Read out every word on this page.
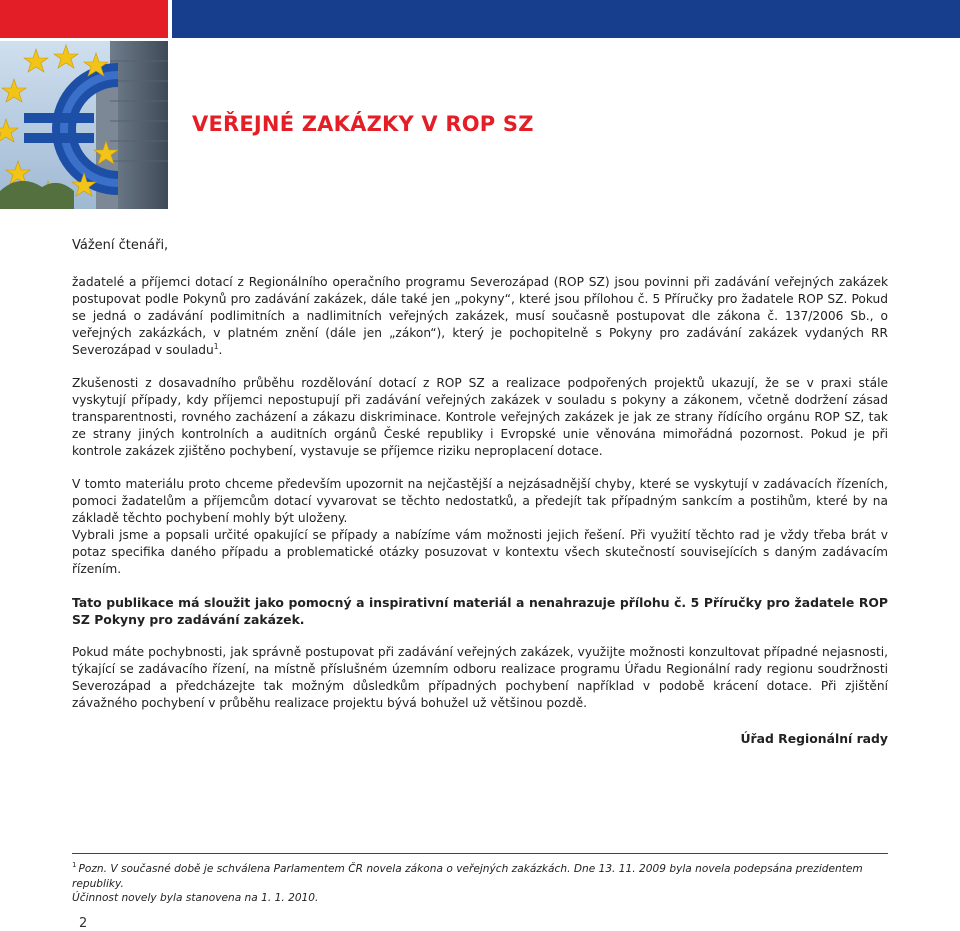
VEŘEJNÉ ZAKÁZKY V ROP SZ

Vážení čtenáři,

žadatelé a příjemci dotací z Regionálního operačního programu Severozápad (ROP SZ) jsou povinni při zadávání veřejných zakázek postupovat podle Pokynů pro zadávání zakázek, dále také jen „pokyny“, které jsou přílohou č. 5 Příručky pro žadatele ROP SZ. Pokud se jedná o zadávání podlimitních a nadlimitních veřejných zakázek, musí současně postupovat dle zákona č. 137/2006 Sb., o veřejných zakázkách, v platném znění (dále jen „zákon“), který je pochopitelně s Pokyny pro zadávání zakázek vydaných RR Severozápad v souladu$^1$.

Zkušenosti z dosavadního průběhu rozdělování dotací z ROP SZ a realizace podpořených projektů ukazují, že se v praxi stále vyskytují případy, kdy příjemci nepostupují při zadávání veřejných zakázek v souladu s pokyny a zákonem, včetně dodržení zásad transparentnosti, rovného zacházení a zákazu diskriminace. Kontrole veřejných zakázek je jak ze strany řídícího orgánu ROP SZ, tak ze strany jiných kontrolních a auditních orgánů České republiky i Evropské unie věnována mimořádná pozornost. Pokud je při kontrole zakázek zjištěno pochybení, vystavuje se příjemce riziku neproplacení dotace.

V tomto materiálu proto chceme především upozornit na nejčastější a nejzásadnější chyby, které se vyskytují v zadávacích řízeních, pomoci žadatelům a příjemcům dotací vyvarovat se těchto nedostatků, a předejít tak případným sankcím a postihům, které by na základě těchto pochybení mohly být uloženy.

Vybrali jsme a popsali určité opakující se případy a nabízíme vám možnosti jejich řešení. Při využití těchto rad je vždy třeba brát v potaz specifika daného případu a problematické otázky posuzovat v kontextu všech skutečností souvisejících s daným zadávacím řízením.

Tato publikace má sloužit jako pomocný a inspirativní materiál a nenahrazuje přílohu č. 5 Příručky pro žadatele ROP SZ Pokyny pro zadávání zakázek.

Pokud máte pochybnosti, jak správně postupovat při zadávání veřejných zakázek, využijte možnosti konzultovat případné nejasnosti, týkající se zadávacího řízení, na místně příslušném územním odboru realizace programu Úřadu Regionální rady regionu soudržnosti Severozápad a předcházejte tak možným důsledkům případných pochybení například v podobě krácení dotace. Při zjištění závažného pochybení v průběhu realizace projektu bývá bohužel už většinou pozdě.

Úřad Regionální rady

$^1$ Pozn. V současné době je schválena Parlamentem ČR novela zákona o veřejných zakázkách. Dne 13. 11. 2009 byla novela podepsána prezidentem republiky.
Účinnost novely byla stanovena na 1. 1. 2010.
2
